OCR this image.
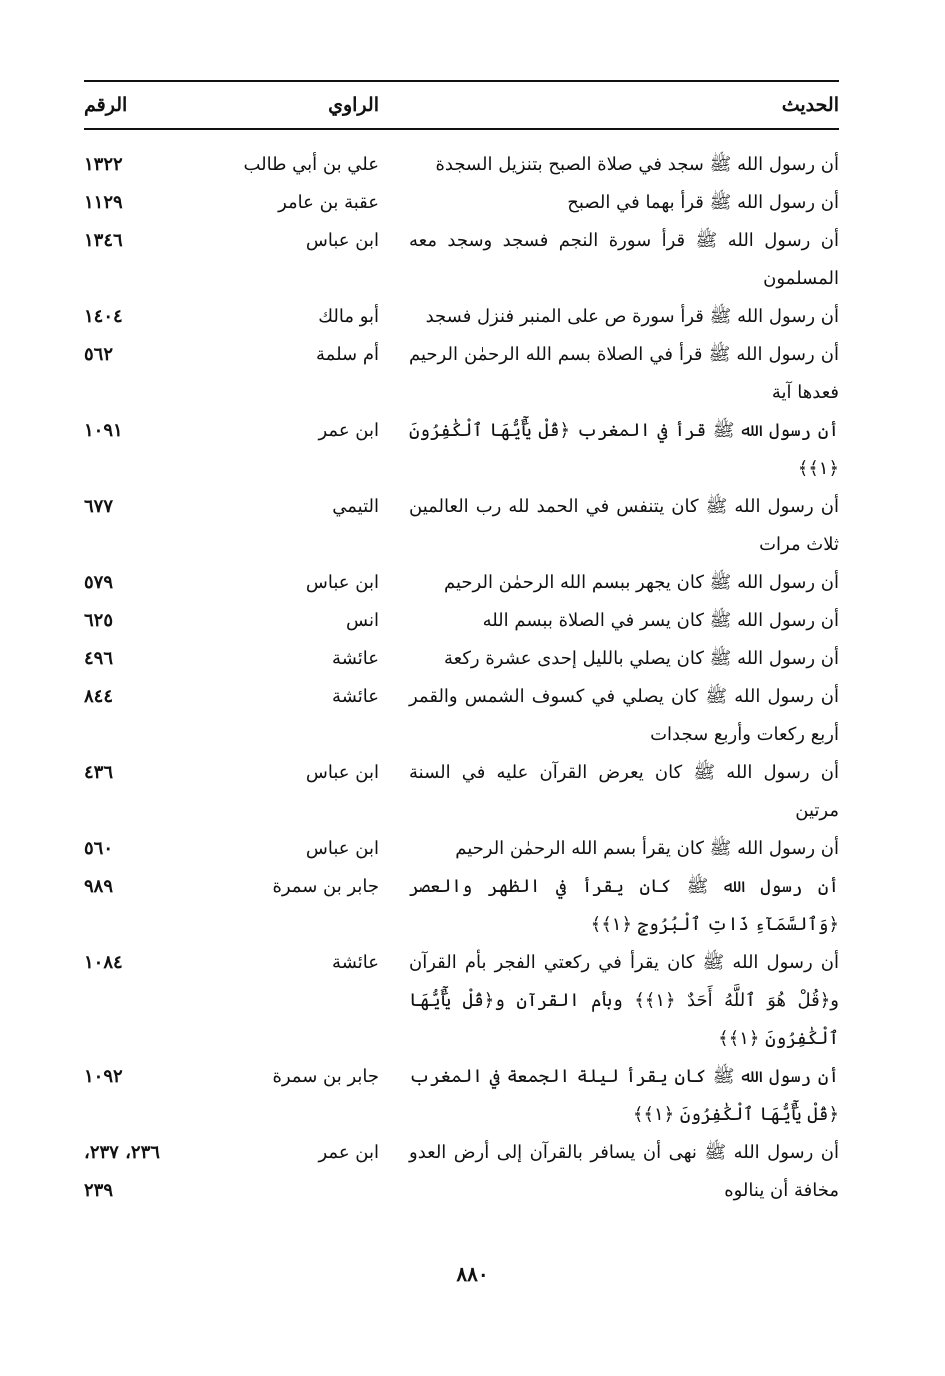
الحديث
الراوي
الرقم
أن رسول الله ﷺ سجد في صلاة الصبح بتنزيل السجدة
علي بن أبي طالب
١٣٢٢
أن رسول الله ﷺ قرأ بهما في الصبح
عقبة بن عامر
١١٢٩
أن رسول الله ﷺ قرأ سورة النجم فسجد وسجد معه المسلمون
ابن عباس
١٣٤٦
أن رسول الله ﷺ قرأ سورة ص على المنبر فنزل فسجد
أبو مالك
١٤٠٤
أن رسول الله ﷺ قرأ في الصلاة بسم الله الرحمٰن الرحيم فعدها آية
أم سلمة
٥٦٢
أن رسول الله ﷺ قرأ في المغرب ﴿قُلْ يَٰٓأَيُّهَا ٱلْكَٰفِرُونَ ﴿١﴾﴾
ابن عمر
١٠٩١
أن رسول الله ﷺ كان يتنفس في الحمد لله رب العالمين ثلاث مرات
التيمي
٦٧٧
أن رسول الله ﷺ كان يجهر ببسم الله الرحمٰن الرحيم
ابن عباس
٥٧٩
أن رسول الله ﷺ كان يسر في الصلاة ببسم الله
انس
٦٢٥
أن رسول الله ﷺ كان يصلي بالليل إحدى عشرة ركعة
عائشة
٤٩٦
أن رسول الله ﷺ كان يصلي في كسوف الشمس والقمر أربع ركعات وأربع سجدات
عائشة
٨٤٤
أن رسول الله ﷺ كان يعرض القرآن عليه في السنة مرتين
ابن عباس
٤٣٦
أن رسول الله ﷺ كان يقرأ بسم الله الرحمٰن الرحيم
ابن عباس
٥٦٠
أن رسول الله ﷺ كان يقرأ في الظهر والعصر ﴿وَٱلسَّمَآءِ ذَاتِ ٱلْبُرُوجِ ﴿١﴾﴾
جابر بن سمرة
٩٨٩
أن رسول الله ﷺ كان يقرأ في ركعتي الفجر بأم القرآن و﴿قُلْ هُوَ ٱللَّهُ أَحَدٌ ﴿١﴾﴾ وبأم القرآن و﴿قُلْ يَٰٓأَيُّهَا ٱلْكَٰفِرُونَ ﴿١﴾﴾
عائشة
١٠٨٤
أن رسول الله ﷺ كان يقرأ ليلة الجمعة في المغرب ﴿قُلْ يَٰٓأَيُّهَا ٱلْكَٰفِرُونَ ﴿١﴾﴾
جابر بن سمرة
١٠٩٢
أن رسول الله ﷺ نهى أن يسافر بالقرآن إلى أرض العدو مخافة أن ينالوه
ابن عمر
٢٣٦، ٢٣٧، ٢٣٩
٨٨٠
